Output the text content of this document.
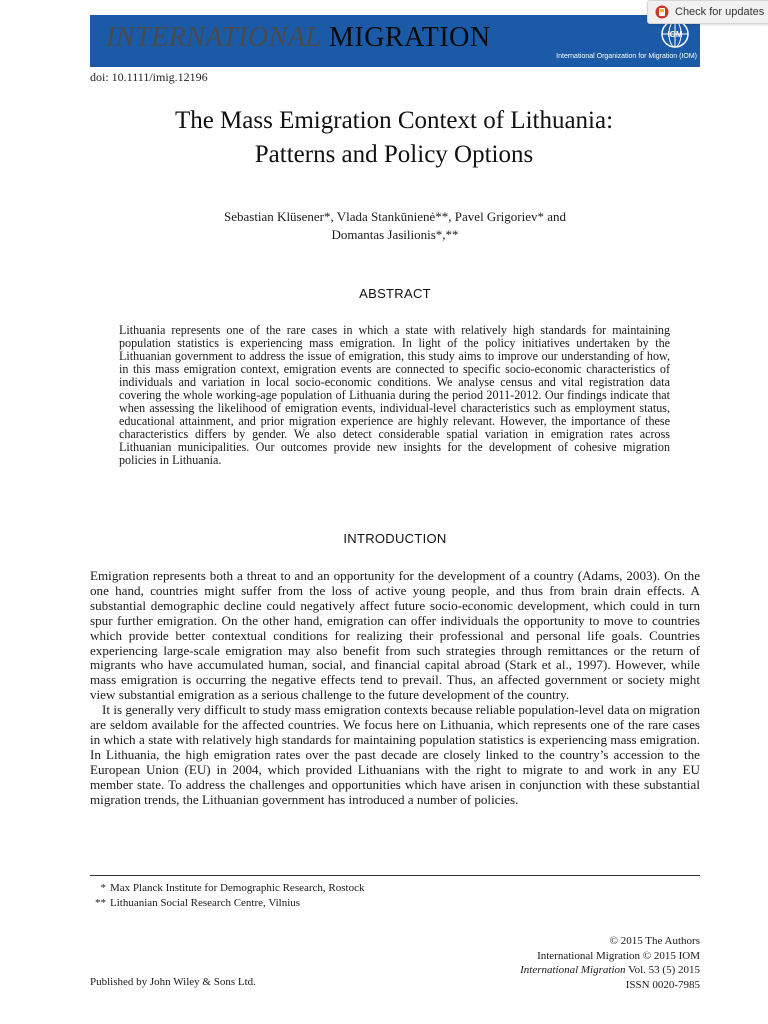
INTERNATIONAL MIGRATION	IOM
International Organization for Migration (IOM)
Check for updates
doi: 10.1111/imig.12196
The Mass Emigration Context of Lithuania:
Patterns and Policy Options
Sebastian Klüsener*, Vlada Stankūnienė**, Pavel Grigoriev* and
Domantas Jasilionis*,**
ABSTRACT
Lithuania represents one of the rare cases in which a state with relatively high standards for maintaining population statistics is experiencing mass emigration. In light of the policy initiatives undertaken by the Lithuanian government to address the issue of emigration, this study aims to improve our understanding of how, in this mass emigration context, emigration events are connected to specific socio-economic characteristics of individuals and variation in local socio-economic conditions. We analyse census and vital registration data covering the whole working-age population of Lithuania during the period 2011-2012. Our findings indicate that when assessing the likelihood of emigration events, individual-level characteristics such as employment status, educational attainment, and prior migration experience are highly relevant. However, the importance of these characteristics differs by gender. We also detect considerable spatial variation in emigration rates across Lithuanian municipalities. Our outcomes provide new insights for the development of cohesive migration policies in Lithuania.
INTRODUCTION

Emigration represents both a threat to and an opportunity for the development of a country (Adams, 2003). On the one hand, countries might suffer from the loss of active young people, and thus from brain drain effects. A substantial demographic decline could negatively affect future socio-economic development, which could in turn spur further emigration. On the other hand, emigration can offer individuals the opportunity to move to countries which provide better contextual conditions for realizing their professional and personal life goals. Countries experiencing large-scale emigration may also benefit from such strategies through remittances or the return of migrants who have accumulated human, social, and financial capital abroad (Stark et al., 1997). However, while mass emigration is occurring the negative effects tend to prevail. Thus, an affected government or society might view substantial emigration as a serious challenge to the future development of the country.

It is generally very difficult to study mass emigration contexts because reliable population-level data on migration are seldom available for the affected countries. We focus here on Lithuania, which represents one of the rare cases in which a state with relatively high standards for maintaining population statistics is experiencing mass emigration. In Lithuania, the high emigration rates over the past decade are closely linked to the country’s accession to the European Union (EU) in 2004, which provided Lithuanians with the right to migrate to and work in any EU member state. To address the challenges and opportunities which have arisen in conjunction with these substantial migration trends, the Lithuanian government has introduced a number of policies.

* Max Planck Institute for Demographic Research, Rostock
** Lithuanian Social Research Centre, Vilnius
© 2015 The Authors
International Migration © 2015 IOM
International Migration Vol. 53 (5) 2015
ISSN 0020-7985
Published by John Wiley & Sons Ltd.
